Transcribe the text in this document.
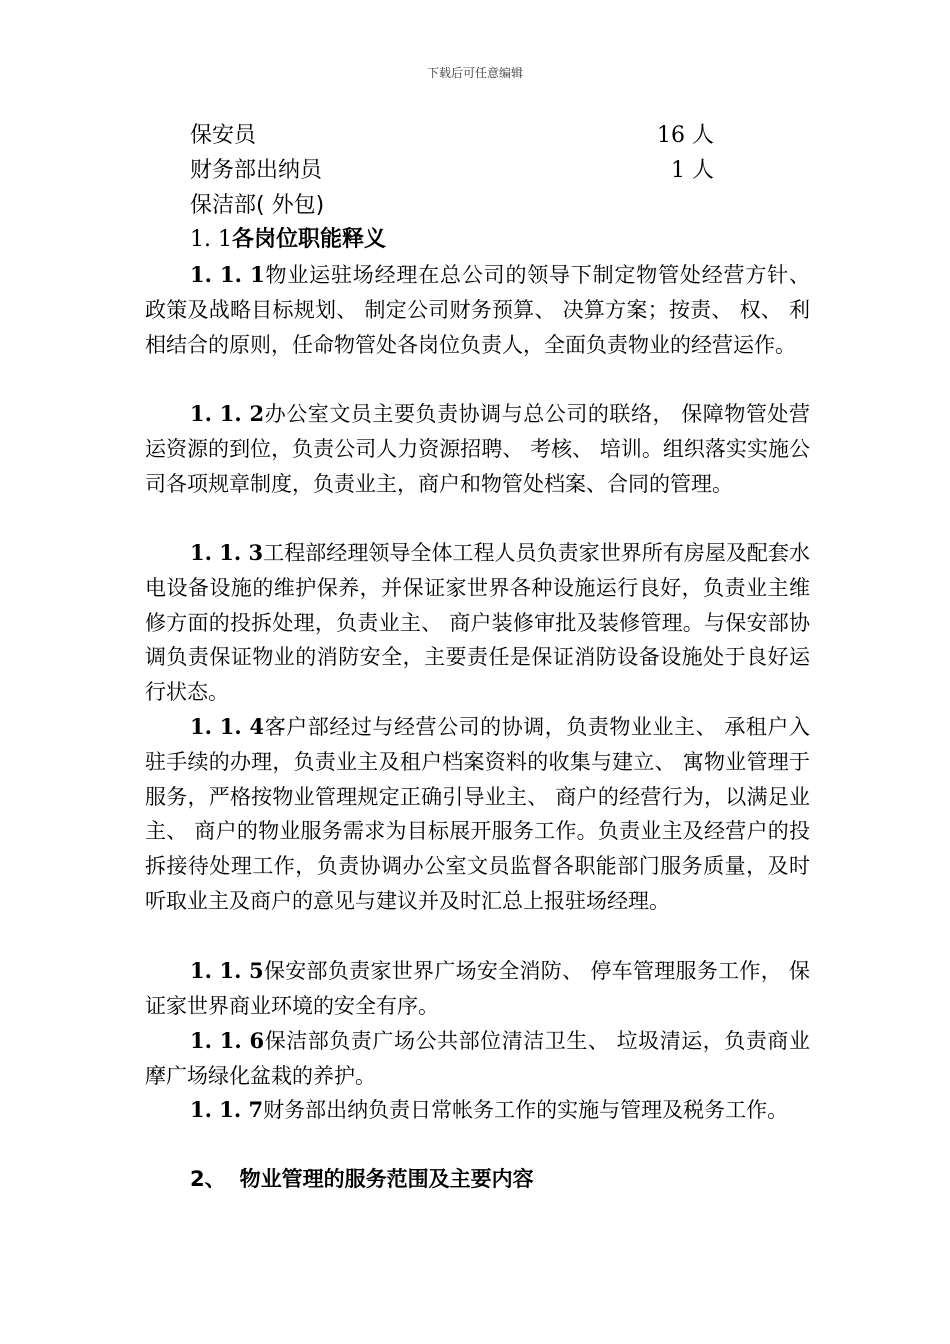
下载后可任意编辑
保安员	16 人
财务部出纳员	1 人
保洁部( 外包)
1. 1各岗位职能释义
1. 1. 1物业运驻场经理在总公司的领导下制定物管处经营方针、 政策及战略目标规划、 制定公司财务预算、 决算方案；按责、 权、 利相结合的原则，任命物管处各岗位负责人，全面负责物业的经营运作。
1. 1. 2办公室文员主要负责协调与总公司的联络， 保障物管处营运资源的到位，负责公司人力资源招聘、 考核、 培训。组织落实实施公司各项规章制度，负责业主，商户和物管处档案、合同的管理。
1. 1. 3工程部经理领导全体工程人员负责家世界所有房屋及配套水电设备设施的维护保养，并保证家世界各种设施运行良好，负责业主维修方面的投拆处理，负责业主、 商户装修审批及装修管理。与保安部协调负责保证物业的消防安全，主要责任是保证消防设备设施处于良好运行状态。
1. 1. 4客户部经过与经营公司的协调，负责物业业主、 承租户入驻手续的办理，负责业主及租户档案资料的收集与建立、 寓物业管理于服务，严格按物业管理规定正确引导业主、 商户的经营行为，以满足业主、 商户的物业服务需求为目标展开服务工作。负责业主及经营户的投拆接待处理工作，负责协调办公室文员监督各职能部门服务质量，及时听取业主及商户的意见与建议并及时汇总上报驻场经理。
1. 1. 5保安部负责家世界广场安全消防、 停车管理服务工作， 保证家世界商业环境的安全有序。
1. 1. 6保洁部负责广场公共部位清洁卫生、 垃圾清运，负责商业摩广场绿化盆栽的养护。
1. 1. 7财务部出纳负责日常帐务工作的实施与管理及税务工作。
2、 物业管理的服务范围及主要内容
